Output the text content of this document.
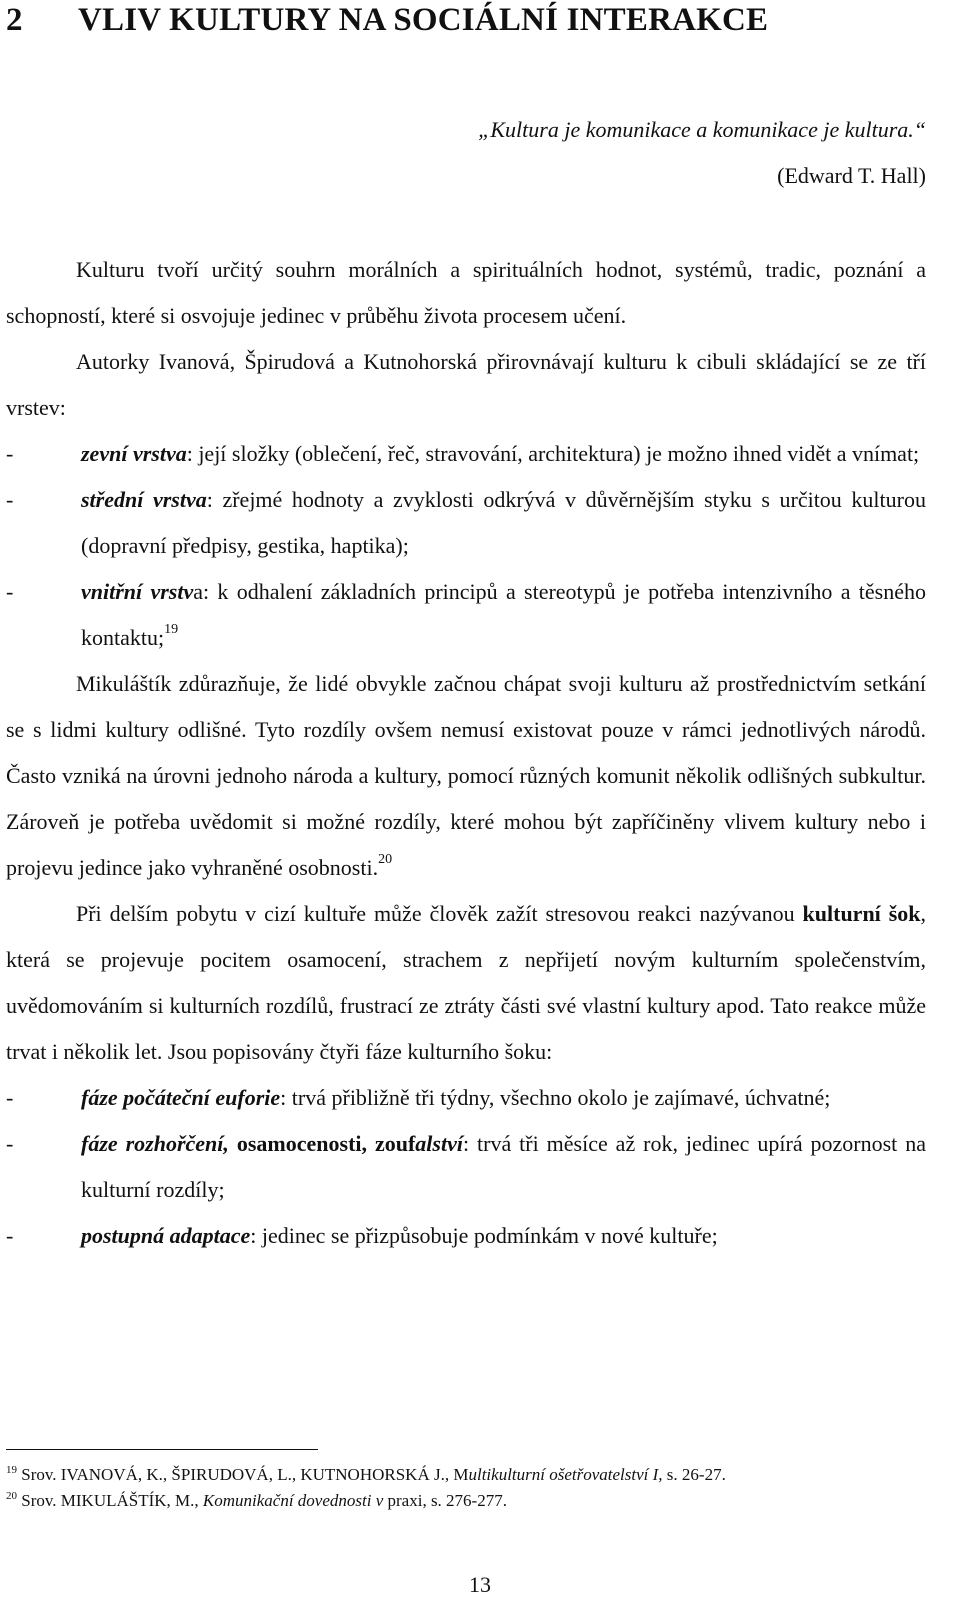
2 VLIV KULTURY NA SOCIÁLNÍ INTERAKCE
„Kultura je komunikace a komunikace je kultura.“
(Edward T. Hall)

Kulturu tvoří určitý souhrn morálních a spirituálních hodnot, systémů, tradic, poznání a schopností, které si osvojuje jedinec v průběhu života procesem učení.

Autorky Ivanová, Špirudová a Kutnohorská přirovnávají kulturu k cibuli skládající se ze tří vrstev:

-	zevní vrstva: její složky (oblečení, řeč, stravování, architektura) je možno ihned vidět a vnímat;
-	střední vrstva: zřejmé hodnoty a zvyklosti odkrývá v důvěrnějším styku s určitou kulturou (dopravní předpisy, gestika, haptika);
-	vnitřní vrstva: k odhalení základních principů a stereotypů je potřeba intenzivního a těsného kontaktu;$^{19}$

Mikuláštík zdůrazňuje, že lidé obvykle začnou chápat svoji kulturu až prostřednictvím setkání se s lidmi kultury odlišné. Tyto rozdíly ovšem nemusí existovat pouze v rámci jednotlivých národů. Často vzniká na úrovni jednoho národa a kultury, pomocí různých komunit několik odlišných subkultur. Zároveň je potřeba uvědomit si možné rozdíly, které mohou být zapříčiněny vlivem kultury nebo i projevu jedince jako vyhraněné osobnosti.$^{20}$

Při delším pobytu v cizí kultuře může člověk zažít stresovou reakci nazývanou kulturní šok, která se projevuje pocitem osamocení, strachem z nepřijetí novým kulturním společenstvím, uvědomováním si kulturních rozdílů, frustrací ze ztráty části své vlastní kultury apod. Tato reakce může trvat i několik let. Jsou popisovány čtyři fáze kulturního šoku:

-	fáze počáteční euforie: trvá přibližně tři týdny, všechno okolo je zajímavé, úchvatné;
-	fáze rozhořčení, osamocenosti, zoufalství: trvá tři měsíce až rok, jedinec upírá pozornost na kulturní rozdíly;
-	postupná adaptace: jedinec se přizpůsobuje podmínkám v nové kultuře;
$^{19}$ Srov. IVANOVÁ, K., ŠPIRUDOVÁ, L., KUTNOHORSKÁ J., Multikulturní ošetřovatelství I, s. 26-27.
$^{20}$ Srov. MIKULÁŠTÍK, M., Komunikační dovednosti v praxi, s. 276-277.
13
